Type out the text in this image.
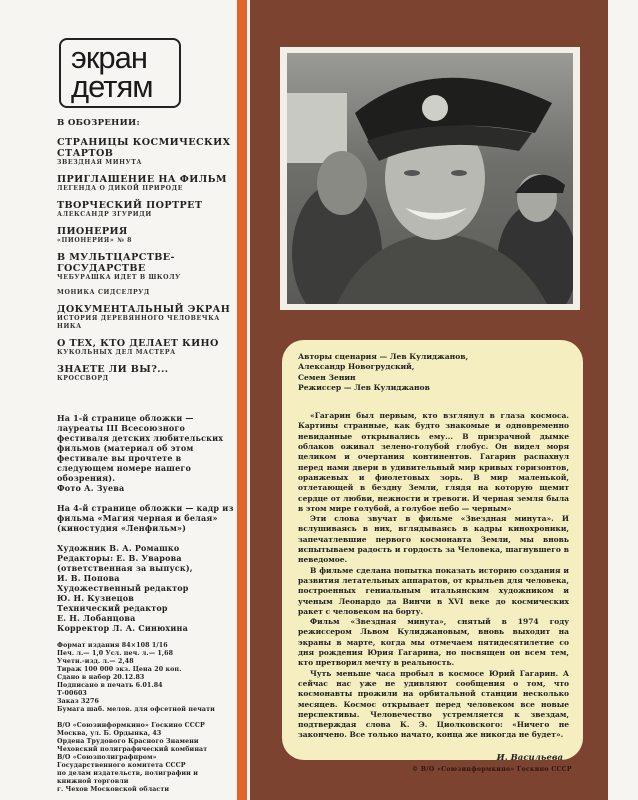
экран
детям
В ОБОЗРЕНИИ:
СТРАНИЦЫ КОСМИЧЕСКИХ СТАРТОВ
ЗВЕЗДНАЯ МИНУТА
ПРИГЛАШЕНИЕ НА ФИЛЬМ
ЛЕГЕНДА О ДИКОЙ ПРИРОДЕ
ТВОРЧЕСКИЙ ПОРТРЕТ
АЛЕКСАНДР ЗГУРИДИ
ПИОНЕРИЯ
«ПИОНЕРИЯ» № 8
В МУЛЬТЦАРСТВЕ-ГОСУДАРСТВЕ
ЧЕБУРАШКА ИДЕТ В ШКОЛУ
МОНИКА СИДСЕЛРУД
ДОКУМЕНТАЛЬНЫЙ ЭКРАН
ИСТОРИЯ ДЕРЕВЯННОГО ЧЕЛОВЕЧКА НИКА
О ТЕХ, КТО ДЕЛАЕТ КИНО
КУКОЛЬНЫХ ДЕЛ МАСТЕРА
ЗНАЕТЕ ЛИ ВЫ?...
КРОССВОРД
На 1-й странице обложки — лауреаты III Всесоюзного фестиваля детских любительских фильмов (материал об этом фестивале вы прочтете в следующем номере нашего обозрения).
Фото А. Зуева
На 4-й странице обложки — кадр из фильма «Магия черная и белая» (киностудия «Ленфильм»)
Художник В. А. Ромашко
Редакторы: Е. В. Уварова
(ответственная за выпуск),
И. В. Попова
Художественный редактор
Ю. Н. Кузнецов
Технический редактор
Е. Н. Лобанцова
Корректор Л. А. Синюхина
Формат издания 84×108 1/16
Печ. л.— 1,0 Усл. печ. л.— 1,68
Учетн.-изд. л.— 2,48
Тираж 100 000 экз. Цена 20 коп.
Сдано в набор 20.12.83
Подписано в печать 6.01.84
Т-00603
Заказ 3276
Бумага шаб. мелов. для офсетной печати
В/О «Союзинформкино» Госкино СССР
Москва, ул. Б. Ордынка, 43
Ордена Трудового Красного Знамени
Чеховский полиграфический комбинат
В/О «Союзполиграфпром»
Государственного комитета СССР
по делам издательств, полиграфии и
книжной торговли
г. Чехов Московской области
Авторы сценария — Лев Кулиджанов,
Александр Новогрудский,
Семен Зенин
Режиссер — Лев Кулиджанов

«Гагарин был первым, кто взглянул в глаза космоса. Картины странные, как будто знакомые и одновременно невиданные открывались ему... В призрачной дымке облаков оживал зелено-голубой глобус. Он видел моря целиком и очертания континентов. Гагарин распахнул перед нами двери в удивительный мир кривых горизонтов, оранжевых и фиолетовых зорь. В мир маленькой, отлетающей в бездну Земли, глядя на которую щемит сердце от любви, нежности и тревоги. И черная земля была в этом мире голубой, а голубое небо — черным»

Эти слова звучат в фильме «Звездная минута». И вслушиваясь в них, вглядываясь в кадры кинохроники, запечатлевшие первого космонавта Земли, мы вновь испытываем радость и гордость за Человека, шагнувшего в неведомое.

В фильме сделана попытка показать историю создания и развития летательных аппаратов, от крыльев для человека, построенных гениальным итальянским художником и ученым Леонардо да Винчи в XVI веке до космических ракет с человеком на борту.

Фильм «Звездная минута», снятый в 1974 году режиссером Львом Кулиджановым, вновь выходит на экраны в марте, когда мы отмечаем пятидесятилетие со дня рождения Юрия Гагарина, но посвящен он всем тем, кто претворил мечту в реальность.

Чуть меньше часа пробыл в космосе Юрий Гагарин. А сейчас нас уже не удивляют сообщения о том, что космонавты прожили на орбитальной станции несколько месяцев. Космос открывает перед человеком все новые перспективы. Человечество устремляется к звездам, подтверждая слова К. Э. Циолковского: «Ничего не закончено. Все только начато, конца же никогда не будет».

И. Васильева
© В/О «Союзинформкино» Госкино СССР
